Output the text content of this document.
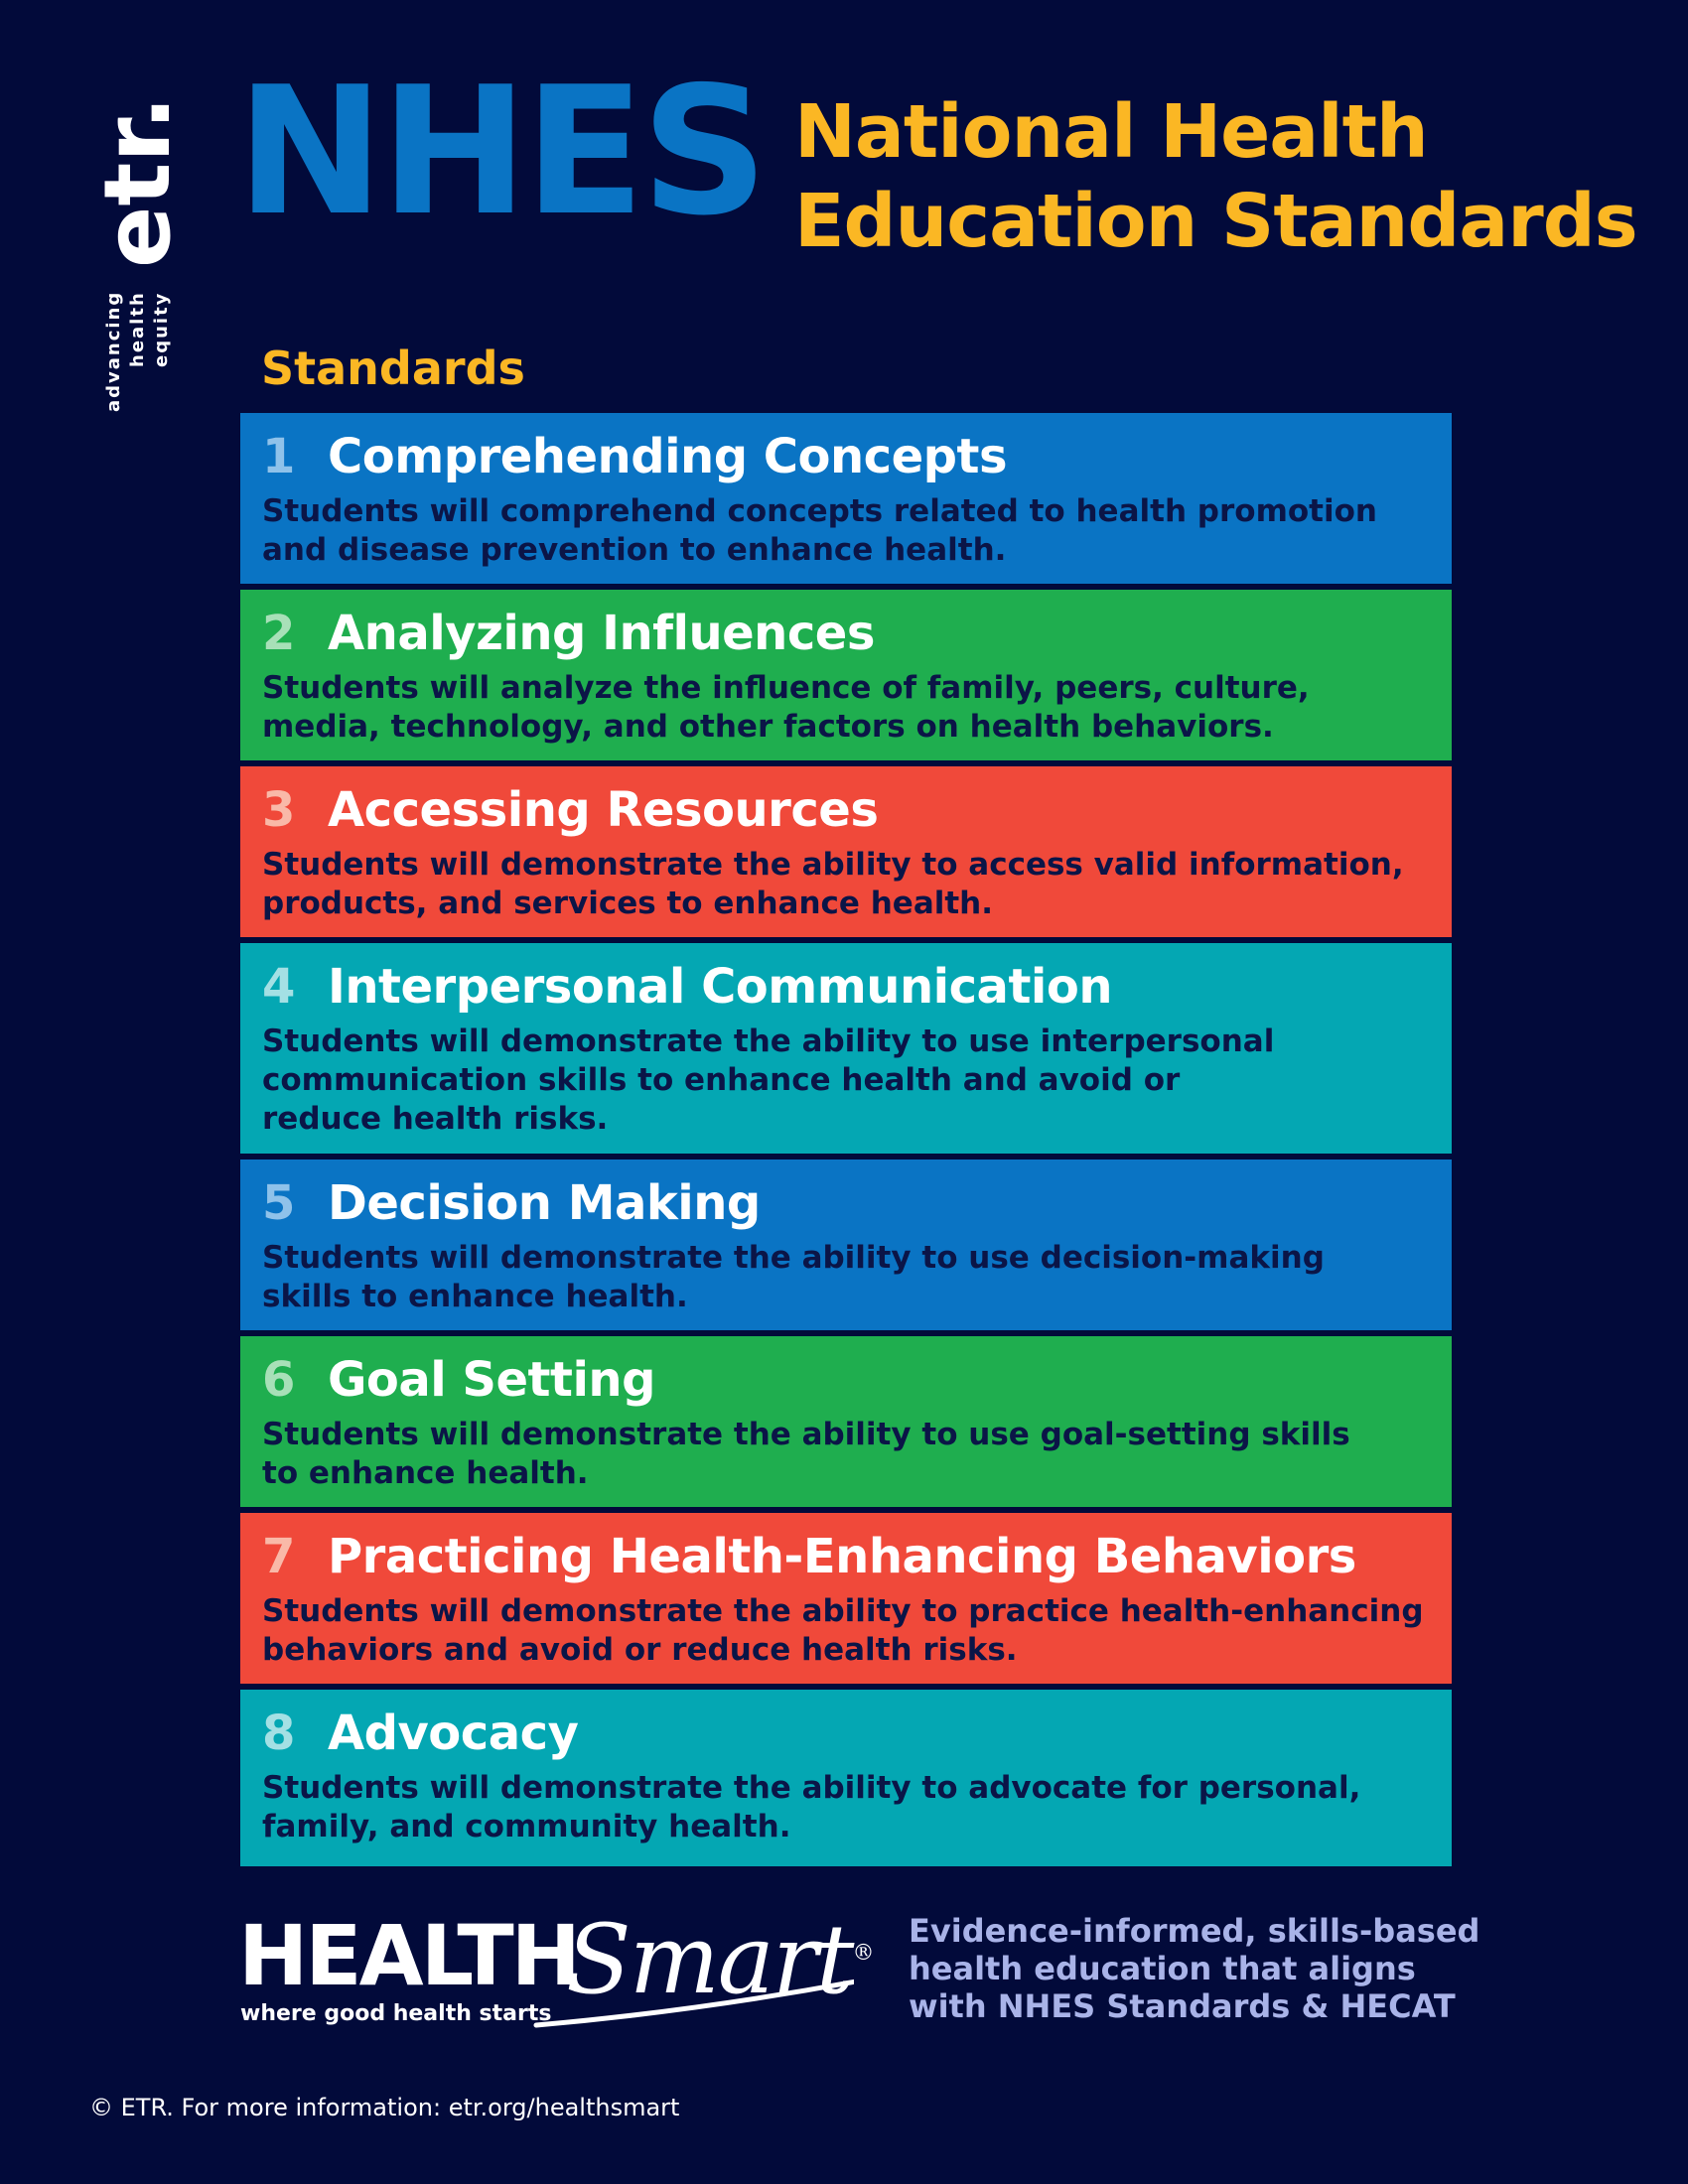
etr.
advancing health equity
NHES National Health
Education Standards
Standards
1 Comprehending Concepts
Students will comprehend concepts related to health promotion and disease prevention to enhance health.
2 Analyzing Influences
Students will analyze the influence of family, peers, culture, media, technology, and other factors on health behaviors.
3 Accessing Resources
Students will demonstrate the ability to access valid information, products, and services to enhance health.
4 Interpersonal Communication
Students will demonstrate the ability to use interpersonal communication skills to enhance health and avoid or reduce health risks.
5 Decision Making
Students will demonstrate the ability to use decision-making skills to enhance health.
6 Goal Setting
Students will demonstrate the ability to use goal-setting skills to enhance health.
7 Practicing Health-Enhancing Behaviors
Students will demonstrate the ability to practice health-enhancing behaviors and avoid or reduce health risks.
8 Advocacy
Students will demonstrate the ability to advocate for personal, family, and community health.
HEALTH
Smart®
where good health starts
Evidence-informed, skills-based health education that aligns with NHES Standards & HECAT
© ETR. For more information: etr.org/healthsmart
